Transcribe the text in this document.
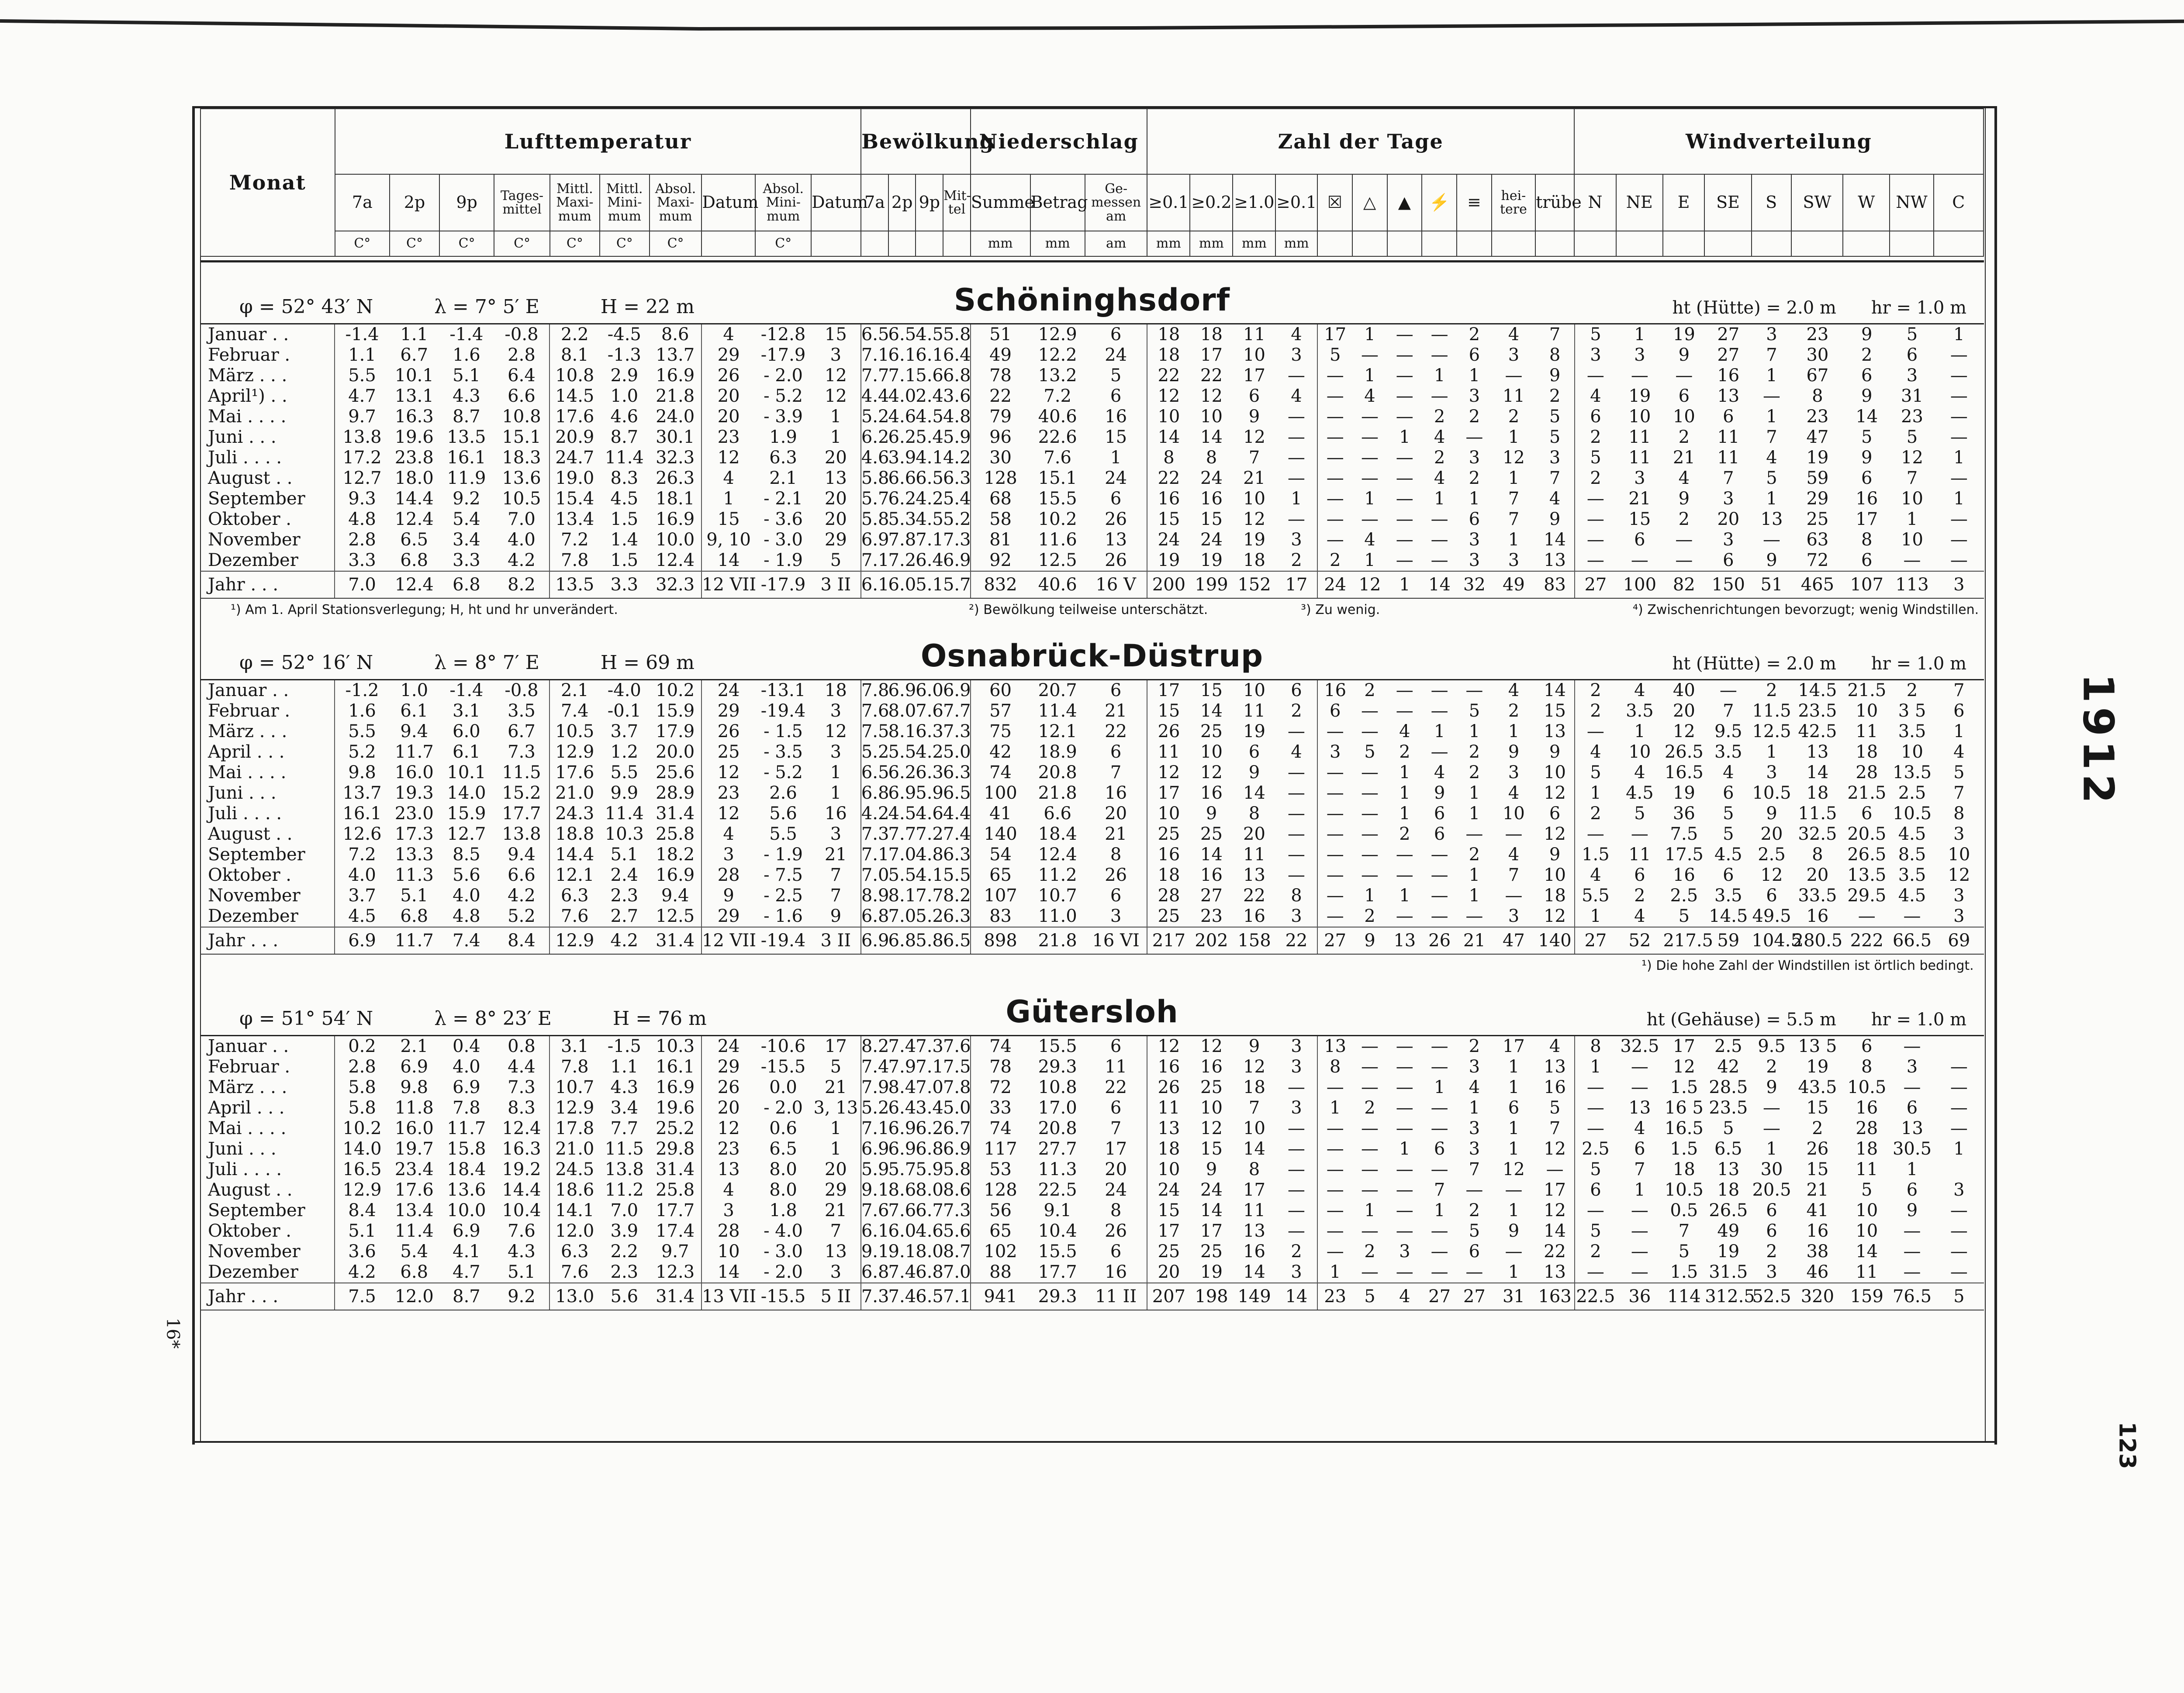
Monat	Lufttemperatur										Bewölkung				Niederschlag			Zahl der Tage											Windverteilung								
	7a	2p	9p	Tages-mittel	Mittl. Maxi-mum	Mittl. Mini-mum	Absol. Maxi-mum	Datum	Absol. Mini-mum	Datum	7a	2p	9p	Mit-tel	Summe	Betrag	Ge-messen am	≥0.1	≥0.2	≥1.0	≥0.1	☒	△	▲	⚡	≡	hei-tere	trübe	N	NE	E	SE	S	SW	W	NW	C
	C°	C°	C°	C°	C°	C°	C°		C°						mm	mm	am	mm	mm	mm	mm																
φ = 52° 43′ N	λ = 7° 5′ E	H = 22 m	Schöninghsdorf	ht (Hütte) = 2.0 m hr = 1.0 m
Januar . .	-1.4	1.1	-1.4	-0.8	2.2	-4.5	8.6	4	-12.8	15	6.5	6.5	4.5	5.8	51	12.9	6	18	18	11	4	17	1	—	—	2	4	7	5	1	19	27	3	23	9	5	1
Februar .	1.1	6.7	1.6	2.8	8.1	-1.3	13.7	29	-17.9	3	7.1	6.1	6.1	6.4	49	12.2	24	18	17	10	3	5	—	—	—	6	3	8	3	3	9	27	7	30	2	6	—
März . . .	5.5	10.1	5.1	6.4	10.8	2.9	16.9	26	- 2.0	12	7.7	7.1	5.6	6.8	78	13.2	5	22	22	17	—	—	1	—	1	1	—	9	—	—	—	16	1	67	6	3	—
April¹) . .	4.7	13.1	4.3	6.6	14.5	1.0	21.8	20	- 5.2	12	4.4	4.0	2.4	3.6	22	7.2	6	12	12	6	4	—	4	—	—	3	11	2	4	19	6	13	—	8	9	31	—
Mai . . . .	9.7	16.3	8.7	10.8	17.6	4.6	24.0	20	- 3.9	1	5.2	4.6	4.5	4.8	79	40.6	16	10	10	9	—	—	—	—	2	2	2	5	6	10	10	6	1	23	14	23	—
Juni . . .	13.8	19.6	13.5	15.1	20.9	8.7	30.1	23	1.9	1	6.2	6.2	5.4	5.9	96	22.6	15	14	14	12	—	—	—	1	4	—	1	5	2	11	2	11	7	47	5	5	—
Juli . . . .	17.2	23.8	16.1	18.3	24.7	11.4	32.3	12	6.3	20	4.6	3.9	4.1	4.2	30	7.6	1	8	8	7	—	—	—	—	2	3	12	3	5	11	21	11	4	19	9	12	1
August . .	12.7	18.0	11.9	13.6	19.0	8.3	26.3	4	2.1	13	5.8	6.6	6.5	6.3	128	15.1	24	22	24	21	—	—	—	—	4	2	1	7	2	3	4	7	5	59	6	7	—
September	9.3	14.4	9.2	10.5	15.4	4.5	18.1	1	- 2.1	20	5.7	6.2	4.2	5.4	68	15.5	6	16	16	10	1	—	1	—	1	1	7	4	—	21	9	3	1	29	16	10	1
Oktober .	4.8	12.4	5.4	7.0	13.4	1.5	16.9	15	- 3.6	20	5.8	5.3	4.5	5.2	58	10.2	26	15	15	12	—	—	—	—	—	6	7	9	—	15	2	20	13	25	17	1	—
November	2.8	6.5	3.4	4.0	7.2	1.4	10.0	9, 10	- 3.0	29	6.9	7.8	7.1	7.3	81	11.6	13	24	24	19	3	—	4	—	—	3	1	14	—	6	—	3	—	63	8	10	—
Dezember	3.3	6.8	3.3	4.2	7.8	1.5	12.4	14	- 1.9	5	7.1	7.2	6.4	6.9	92	12.5	26	19	19	18	2	2	1	—	—	3	3	13	—	—	—	6	9	72	6	—	—
Jahr . . .	7.0	12.4	6.8	8.2	13.5	3.3	32.3	12 VII	-17.9	3 II	6.1	6.0	5.1	5.7	832	40.6	16 V	200	199	152	17	24	12	1	14	32	49	83	27	100	82	150	51	465	107	113	3
¹) Am 1. April Stationsverlegung; H, ht und hr unverändert.	²) Bewölkung teilweise unterschätzt.	³) Zu wenig.	⁴) Zwischenrichtungen bevorzugt; wenig Windstillen.
φ = 52° 16′ N	λ = 8° 7′ E	H = 69 m	Osnabrück-Düstrup	ht (Hütte) = 2.0 m hr = 1.0 m
Januar . .	-1.2	1.0	-1.4	-0.8	2.1	-4.0	10.2	24	-13.1	18	7.8	6.9	6.0	6.9	60	20.7	6	17	15	10	6	16	2	—	—	—	4	14	2	4	40	—	2	14.5	21.5	2	7
Februar .	1.6	6.1	3.1	3.5	7.4	-0.1	15.9	29	-19.4	3	7.6	8.0	7.6	7.7	57	11.4	21	15	14	11	2	6	—	—	—	5	2	15	2	3.5	20	7	11.5	23.5	10	3 5	6
März . . .	5.5	9.4	6.0	6.7	10.5	3.7	17.9	26	- 1.5	12	7.5	8.1	6.3	7.3	75	12.1	22	26	25	19	—	—	—	4	1	1	1	13	—	1	12	9.5	12.5	42.5	11	3.5	1
April . . .	5.2	11.7	6.1	7.3	12.9	1.2	20.0	25	- 3.5	3	5.2	5.5	4.2	5.0	42	18.9	6	11	10	6	4	3	5	2	—	2	9	9	4	10	26.5	3.5	1	13	18	10	4
Mai . . . .	9.8	16.0	10.1	11.5	17.6	5.5	25.6	12	- 5.2	1	6.5	6.2	6.3	6.3	74	20.8	7	12	12	9	—	—	—	1	4	2	3	10	5	4	16.5	4	3	14	28	13.5	5
Juni . . .	13.7	19.3	14.0	15.2	21.0	9.9	28.9	23	2.6	1	6.8	6.9	5.9	6.5	100	21.8	16	17	16	14	—	—	—	1	9	1	4	12	1	4.5	19	6	10.5	18	21.5	2.5	7
Juli . . . .	16.1	23.0	15.9	17.7	24.3	11.4	31.4	12	5.6	16	4.2	4.5	4.6	4.4	41	6.6	20	10	9	8	—	—	—	1	6	1	10	6	2	5	36	5	9	11.5	6	10.5	8
August . .	12.6	17.3	12.7	13.8	18.8	10.3	25.8	4	5.5	3	7.3	7.7	7.2	7.4	140	18.4	21	25	25	20	—	—	—	2	6	—	—	12	—	—	7.5	5	20	32.5	20.5	4.5	3
September	7.2	13.3	8.5	9.4	14.4	5.1	18.2	3	- 1.9	21	7.1	7.0	4.8	6.3	54	12.4	8	16	14	11	—	—	—	—	—	2	4	9	1.5	11	17.5	4.5	2.5	8	26.5	8.5	10
Oktober .	4.0	11.3	5.6	6.6	12.1	2.4	16.9	28	- 7.5	7	7.0	5.5	4.1	5.5	65	11.2	26	18	16	13	—	—	—	—	—	1	7	10	4	6	16	6	12	20	13.5	3.5	12
November	3.7	5.1	4.0	4.2	6.3	2.3	9.4	9	- 2.5	7	8.9	8.1	7.7	8.2	107	10.7	6	28	27	22	8	—	1	1	—	1	—	18	5.5	2	2.5	3.5	6	33.5	29.5	4.5	3
Dezember	4.5	6.8	4.8	5.2	7.6	2.7	12.5	29	- 1.6	9	6.8	7.0	5.2	6.3	83	11.0	3	25	23	16	3	—	2	—	—	—	3	12	1	4	5	14.5	49.5	16	—	—	3
Jahr . . .	6.9	11.7	7.4	8.4	12.9	4.2	31.4	12 VII	-19.4	3 II	6.9	6.8	5.8	6.5	898	21.8	16 VI	217	202	158	22	27	9	13	26	21	47	140	27	52	217.5	59	104.5	280.5	222	66.5	69
¹) Die hohe Zahl der Windstillen ist örtlich bedingt.
φ = 51° 54′ N	λ = 8° 23′ E	H = 76 m	Gütersloh	ht (Gehäuse) = 5.5 m hr = 1.0 m
Januar . .	0.2	2.1	0.4	0.8	3.1	-1.5	10.3	24	-10.6	17	8.2	7.4	7.3	7.6	74	15.5	6	12	12	9	3	13	—	—	—	2	17	4	8	32.5	17	2.5	9.5	13 5	6	—	
Februar .	2.8	6.9	4.0	4.4	7.8	1.1	16.1	29	-15.5	5	7.4	7.9	7.1	7.5	78	29.3	11	16	16	12	3	8	—	—	—	3	1	13	1	—	12	42	2	19	8	3	—
März . . .	5.8	9.8	6.9	7.3	10.7	4.3	16.9	26	0.0	21	7.9	8.4	7.0	7.8	72	10.8	22	26	25	18	—	—	—	—	1	4	1	16	—	—	1.5	28.5	9	43.5	10.5	—	—
April . . .	5.8	11.8	7.8	8.3	12.9	3.4	19.6	20	- 2.0	3, 13	5.2	6.4	3.4	5.0	33	17.0	6	11	10	7	3	1	2	—	—	1	6	5	—	13	16 5	23.5	—	15	16	6	—
Mai . . . .	10.2	16.0	11.7	12.4	17.8	7.7	25.2	12	0.6	1	7.1	6.9	6.2	6.7	74	20.8	7	13	12	10	—	—	—	—	—	3	1	7	—	4	16.5	5	—	2	28	13	—
Juni . . .	14.0	19.7	15.8	16.3	21.0	11.5	29.8	23	6.5	1	6.9	6.9	6.8	6.9	117	27.7	17	18	15	14	—	—	—	1	6	3	1	12	2.5	6	1.5	6.5	1	26	18	30.5	1
Juli . . . .	16.5	23.4	18.4	19.2	24.5	13.8	31.4	13	8.0	20	5.9	5.7	5.9	5.8	53	11.3	20	10	9	8	—	—	—	—	—	7	12	—	5	7	18	13	30	15	11	1	
August . .	12.9	17.6	13.6	14.4	18.6	11.2	25.8	4	8.0	29	9.1	8.6	8.0	8.6	128	22.5	24	24	24	17	—	—	—	—	7	—	—	17	6	1	10.5	18	20.5	21	5	6	3
September	8.4	13.4	10.0	10.4	14.1	7.0	17.7	3	1.8	21	7.6	7.6	6.7	7.3	56	9.1	8	15	14	11	—	—	1	—	1	2	1	12	—	—	0.5	26.5	6	41	10	9	—
Oktober .	5.1	11.4	6.9	7.6	12.0	3.9	17.4	28	- 4.0	7	6.1	6.0	4.6	5.6	65	10.4	26	17	17	13	—	—	—	—	—	5	9	14	5	—	7	49	6	16	10	—	—
November	3.6	5.4	4.1	4.3	6.3	2.2	9.7	10	- 3.0	13	9.1	9.1	8.0	8.7	102	15.5	6	25	25	16	2	—	2	3	—	6	—	22	2	—	5	19	2	38	14	—	—
Dezember	4.2	6.8	4.7	5.1	7.6	2.3	12.3	14	- 2.0	3	6.8	7.4	6.8	7.0	88	17.7	16	20	19	14	3	1	—	—	—	—	1	13	—	—	1.5	31.5	3	46	11	—	—
Jahr . . .	7.5	12.0	8.7	9.2	13.0	5.6	31.4	13 VII	-15.5	5 II	7.3	7.4	6.5	7.1	941	29.3	11 II	207	198	149	14	23	5	4	27	27	31	163	22.5	36	114	312.5	52.5	320	159	76.5	5
1912
123
16*
